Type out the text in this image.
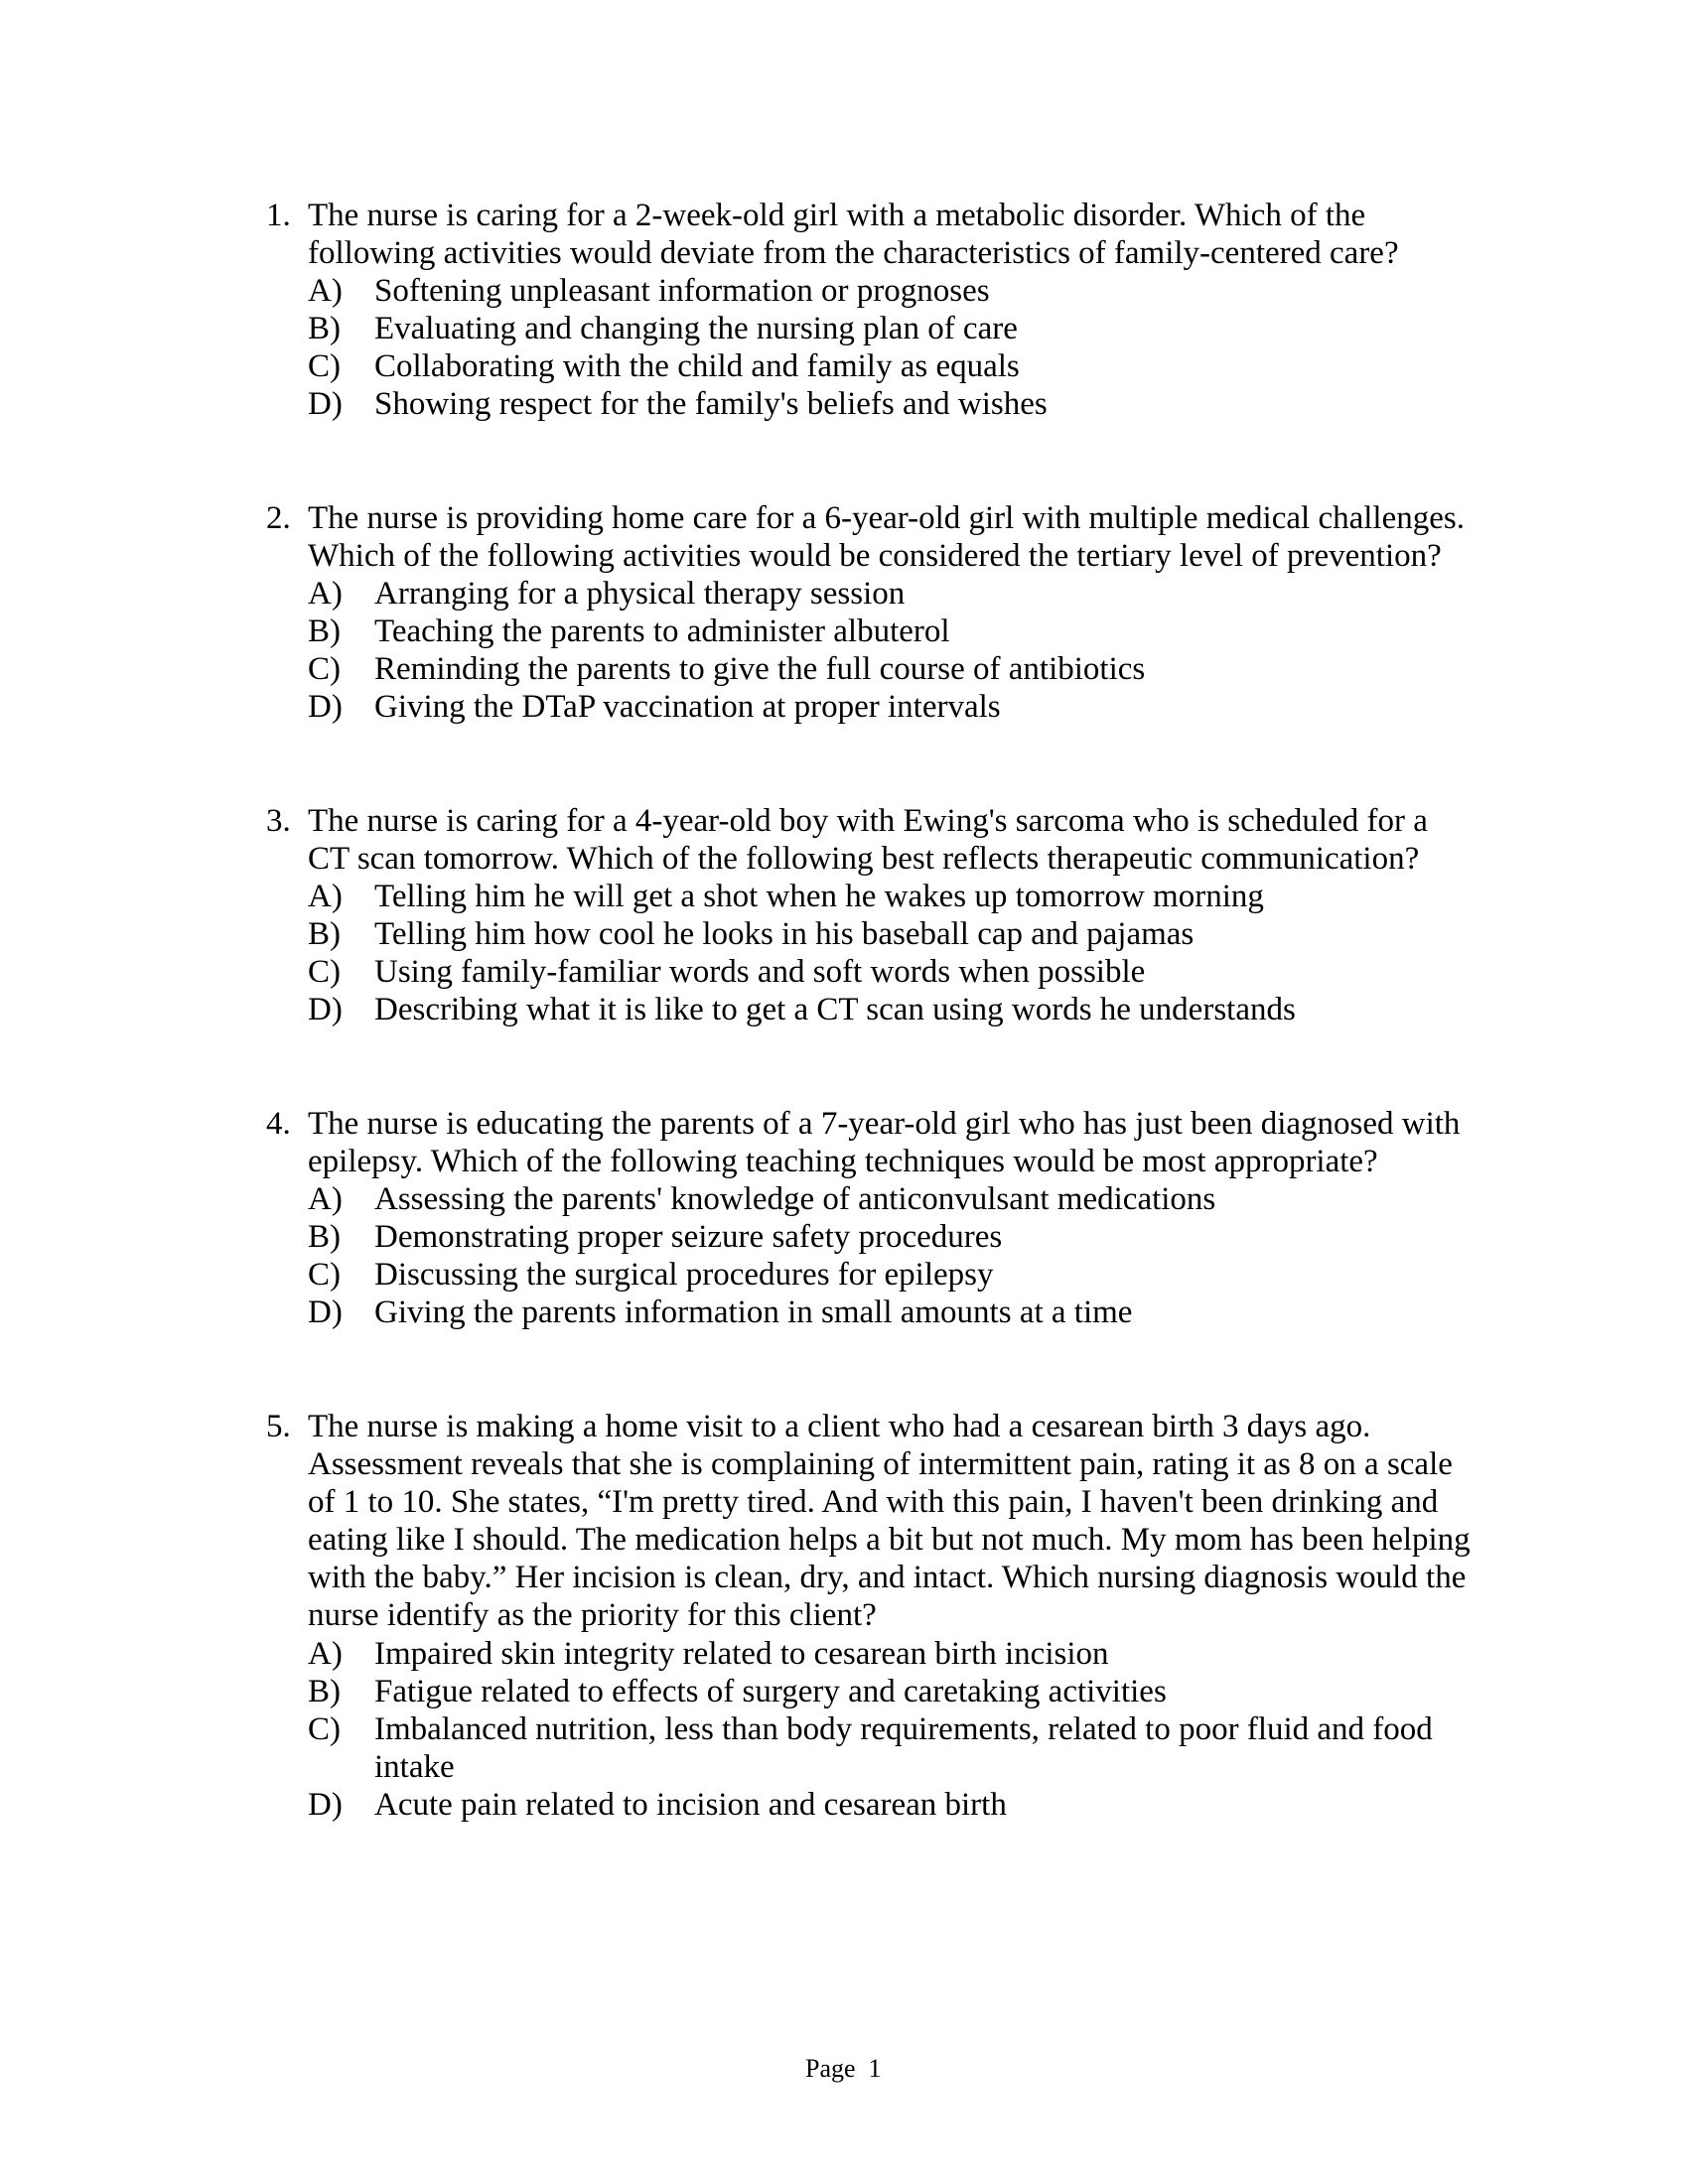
1. The nurse is caring for a 2-week-old girl with a metabolic disorder. Which of the
following activities would deviate from the characteristics of family-centered care?
A) Softening unpleasant information or prognoses
B) Evaluating and changing the nursing plan of care
C) Collaborating with the child and family as equals
D) Showing respect for the family's beliefs and wishes
2. The nurse is providing home care for a 6-year-old girl with multiple medical challenges.
Which of the following activities would be considered the tertiary level of prevention?
A) Arranging for a physical therapy session
B) Teaching the parents to administer albuterol
C) Reminding the parents to give the full course of antibiotics
D) Giving the DTaP vaccination at proper intervals
3. The nurse is caring for a 4-year-old boy with Ewing's sarcoma who is scheduled for a
CT scan tomorrow. Which of the following best reflects therapeutic communication?
A) Telling him he will get a shot when he wakes up tomorrow morning
B) Telling him how cool he looks in his baseball cap and pajamas
C) Using family-familiar words and soft words when possible
D) Describing what it is like to get a CT scan using words he understands
4. The nurse is educating the parents of a 7-year-old girl who has just been diagnosed with
epilepsy. Which of the following teaching techniques would be most appropriate?
A) Assessing the parents' knowledge of anticonvulsant medications
B) Demonstrating proper seizure safety procedures
C) Discussing the surgical procedures for epilepsy
D) Giving the parents information in small amounts at a time
5. The nurse is making a home visit to a client who had a cesarean birth 3 days ago.
Assessment reveals that she is complaining of intermittent pain, rating it as 8 on a scale
of 1 to 10. She states, “I'm pretty tired. And with this pain, I haven't been drinking and
eating like I should. The medication helps a bit but not much. My mom has been helping
with the baby.” Her incision is clean, dry, and intact. Which nursing diagnosis would the
nurse identify as the priority for this client?
A) Impaired skin integrity related to cesarean birth incision
B) Fatigue related to effects of surgery and caretaking activities
C) Imbalanced nutrition, less than body requirements, related to poor fluid and food
intake
D) Acute pain related to incision and cesarean birth
Page  1
